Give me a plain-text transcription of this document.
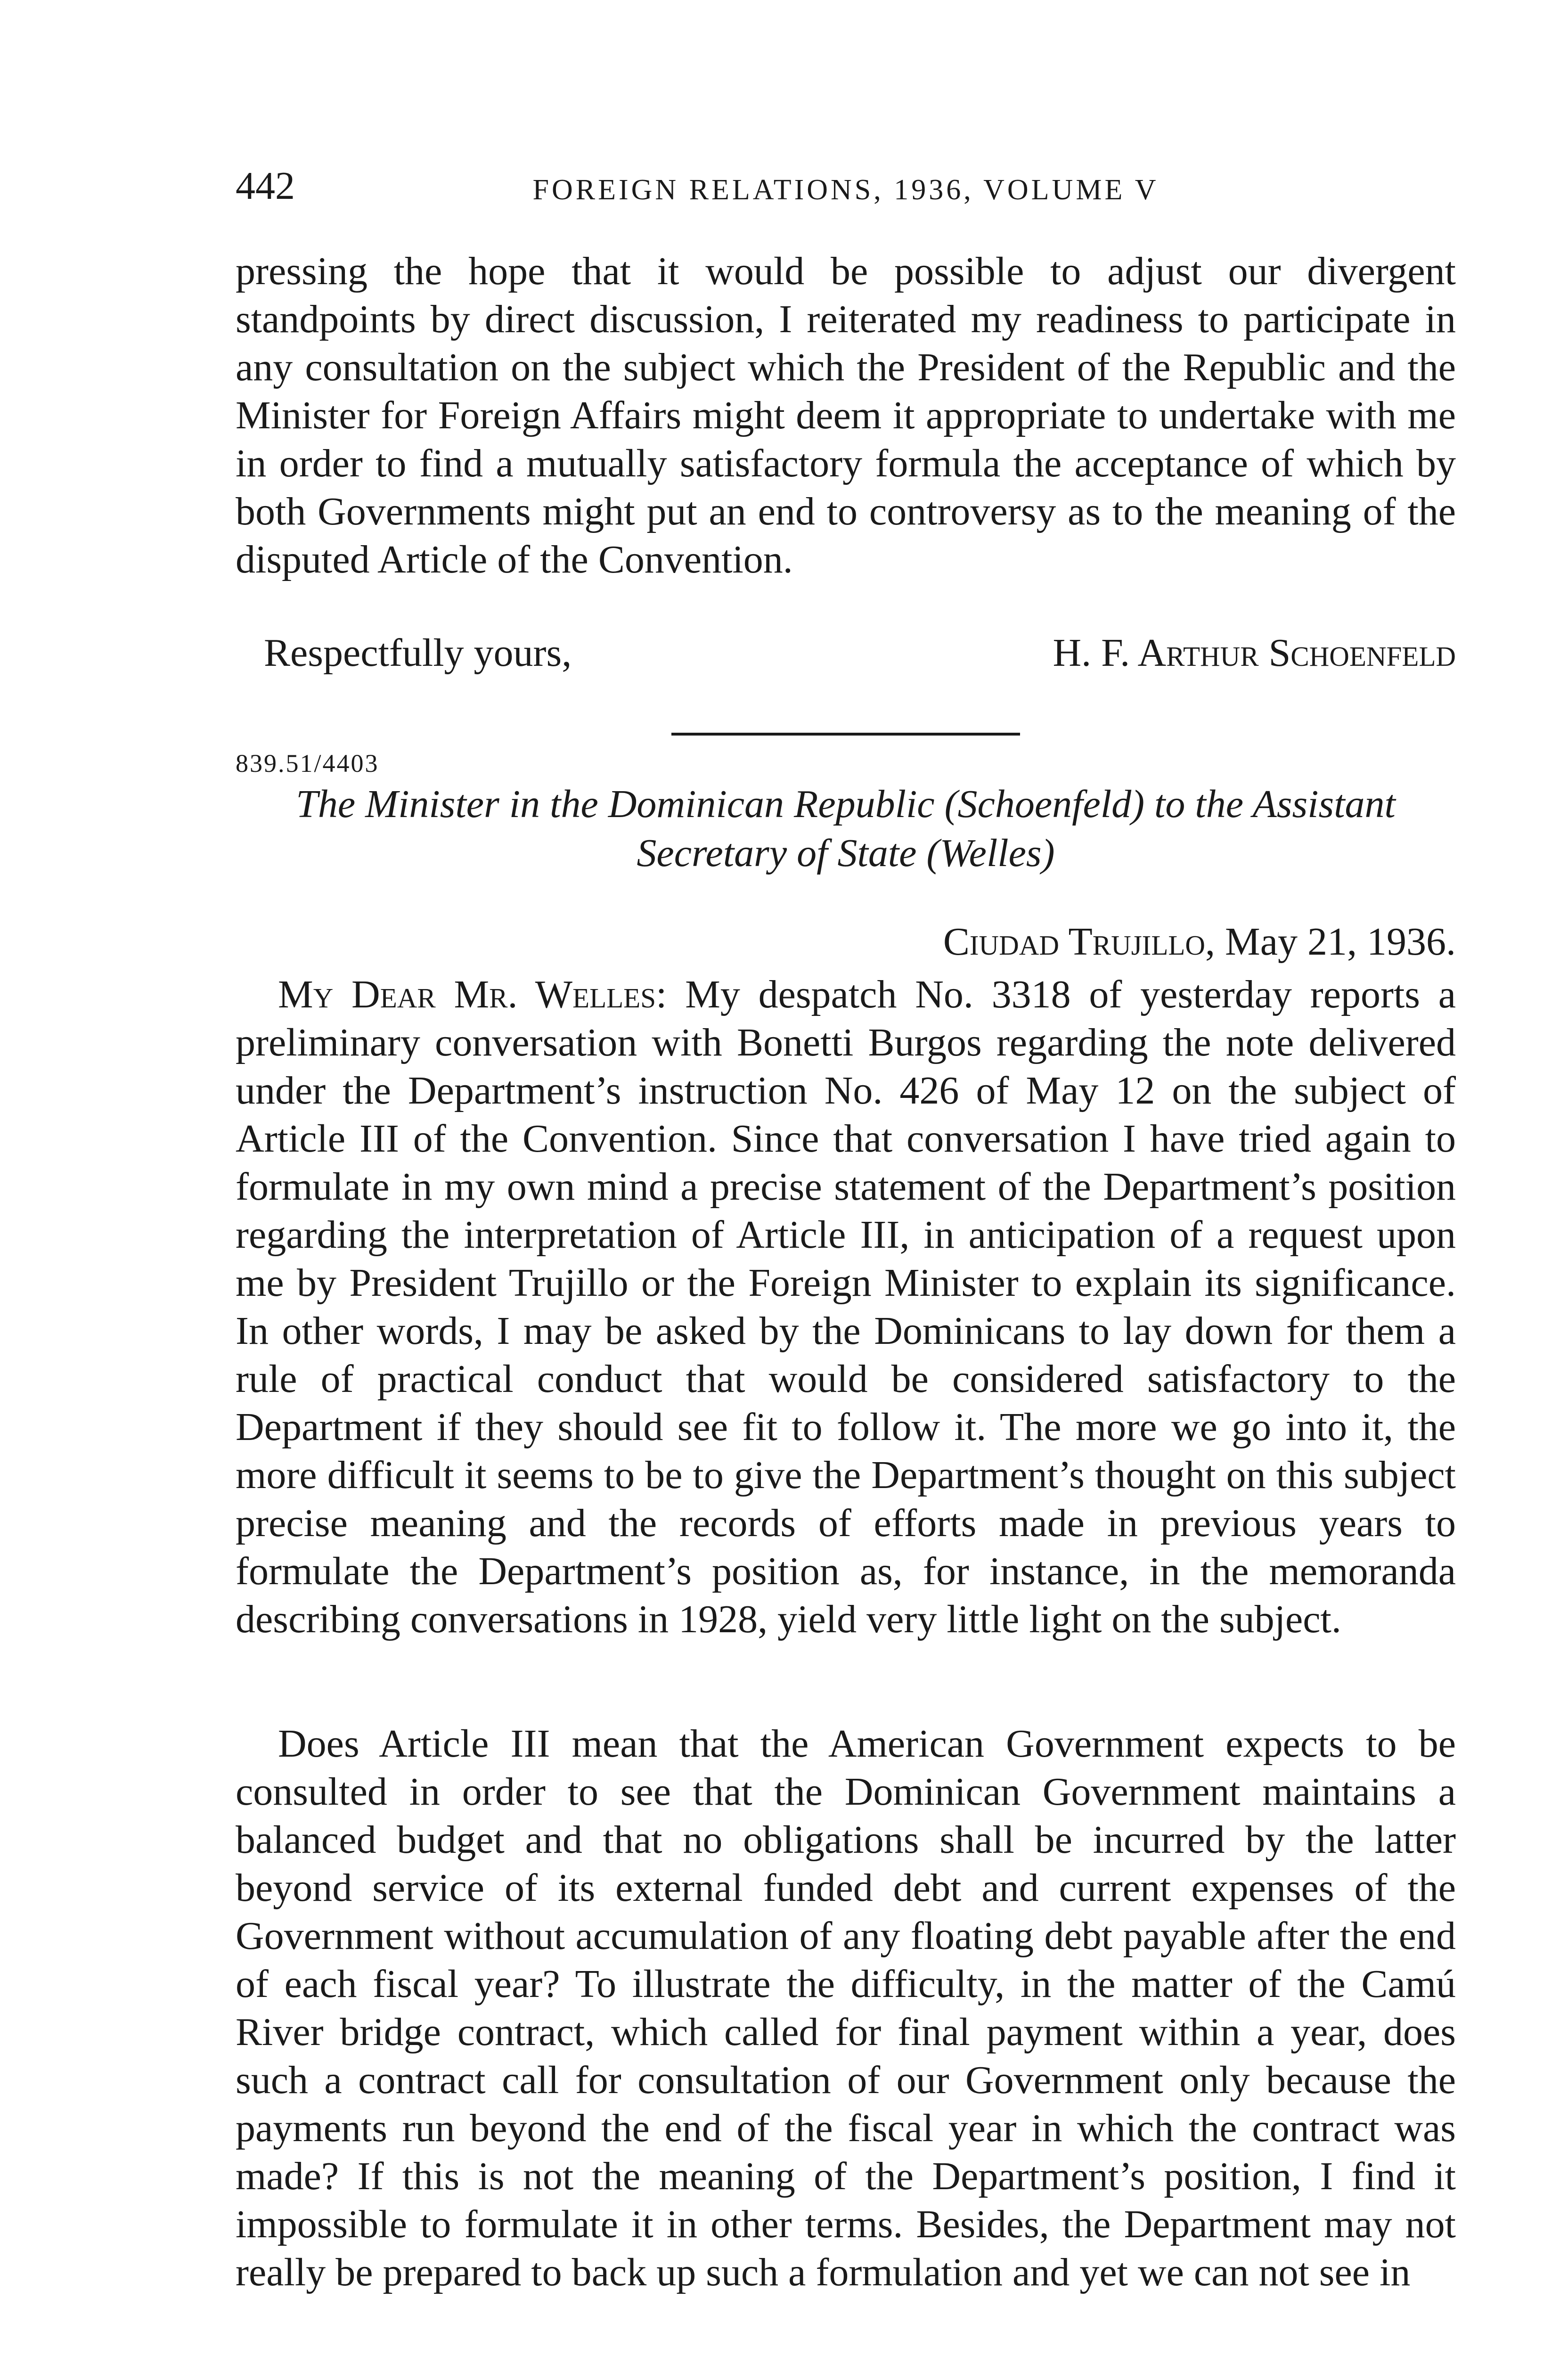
442	FOREIGN RELATIONS, 1936, VOLUME V

pressing the hope that it would be possible to adjust our divergent standpoints by direct discussion, I reiterated my readiness to participate in any consultation on the subject which the President of the Republic and the Minister for Foreign Affairs might deem it appropriate to undertake with me in order to find a mutually satisfactory formula the acceptance of which by both Governments might put an end to controversy as to the meaning of the disputed Article of the Convention.

Respectfully yours,	H. F. Arthur Schoenfeld
839.51/4403
The Minister in the Dominican Republic (Schoenfeld) to the Assistant Secretary of State (Welles)
Ciudad Trujillo, May 21, 1936.

My Dear Mr. Welles: My despatch No. 3318 of yesterday reports a preliminary conversation with Bonetti Burgos regarding the note delivered under the Department’s instruction No. 426 of May 12 on the subject of Article III of the Convention. Since that conversation I have tried again to formulate in my own mind a precise statement of the Department’s position regarding the interpretation of Article III, in anticipation of a request upon me by President Trujillo or the Foreign Minister to explain its significance. In other words, I may be asked by the Dominicans to lay down for them a rule of practical conduct that would be considered satisfactory to the Department if they should see fit to follow it. The more we go into it, the more difficult it seems to be to give the Department’s thought on this subject precise meaning and the records of efforts made in previous years to formulate the Department’s position as, for instance, in the memoranda describing conversations in 1928, yield very little light on the subject.

Does Article III mean that the American Government expects to be consulted in order to see that the Dominican Government maintains a balanced budget and that no obligations shall be incurred by the latter beyond service of its external funded debt and current expenses of the Government without accumulation of any floating debt payable after the end of each fiscal year? To illustrate the difficulty, in the matter of the Camú River bridge contract, which called for final payment within a year, does such a contract call for consultation of our Government only because the payments run beyond the end of the fiscal year in which the contract was made? If this is not the meaning of the Department’s position, I find it impossible to formulate it in other terms. Besides, the Department may not really be prepared to back up such a formulation and yet we can not see in
